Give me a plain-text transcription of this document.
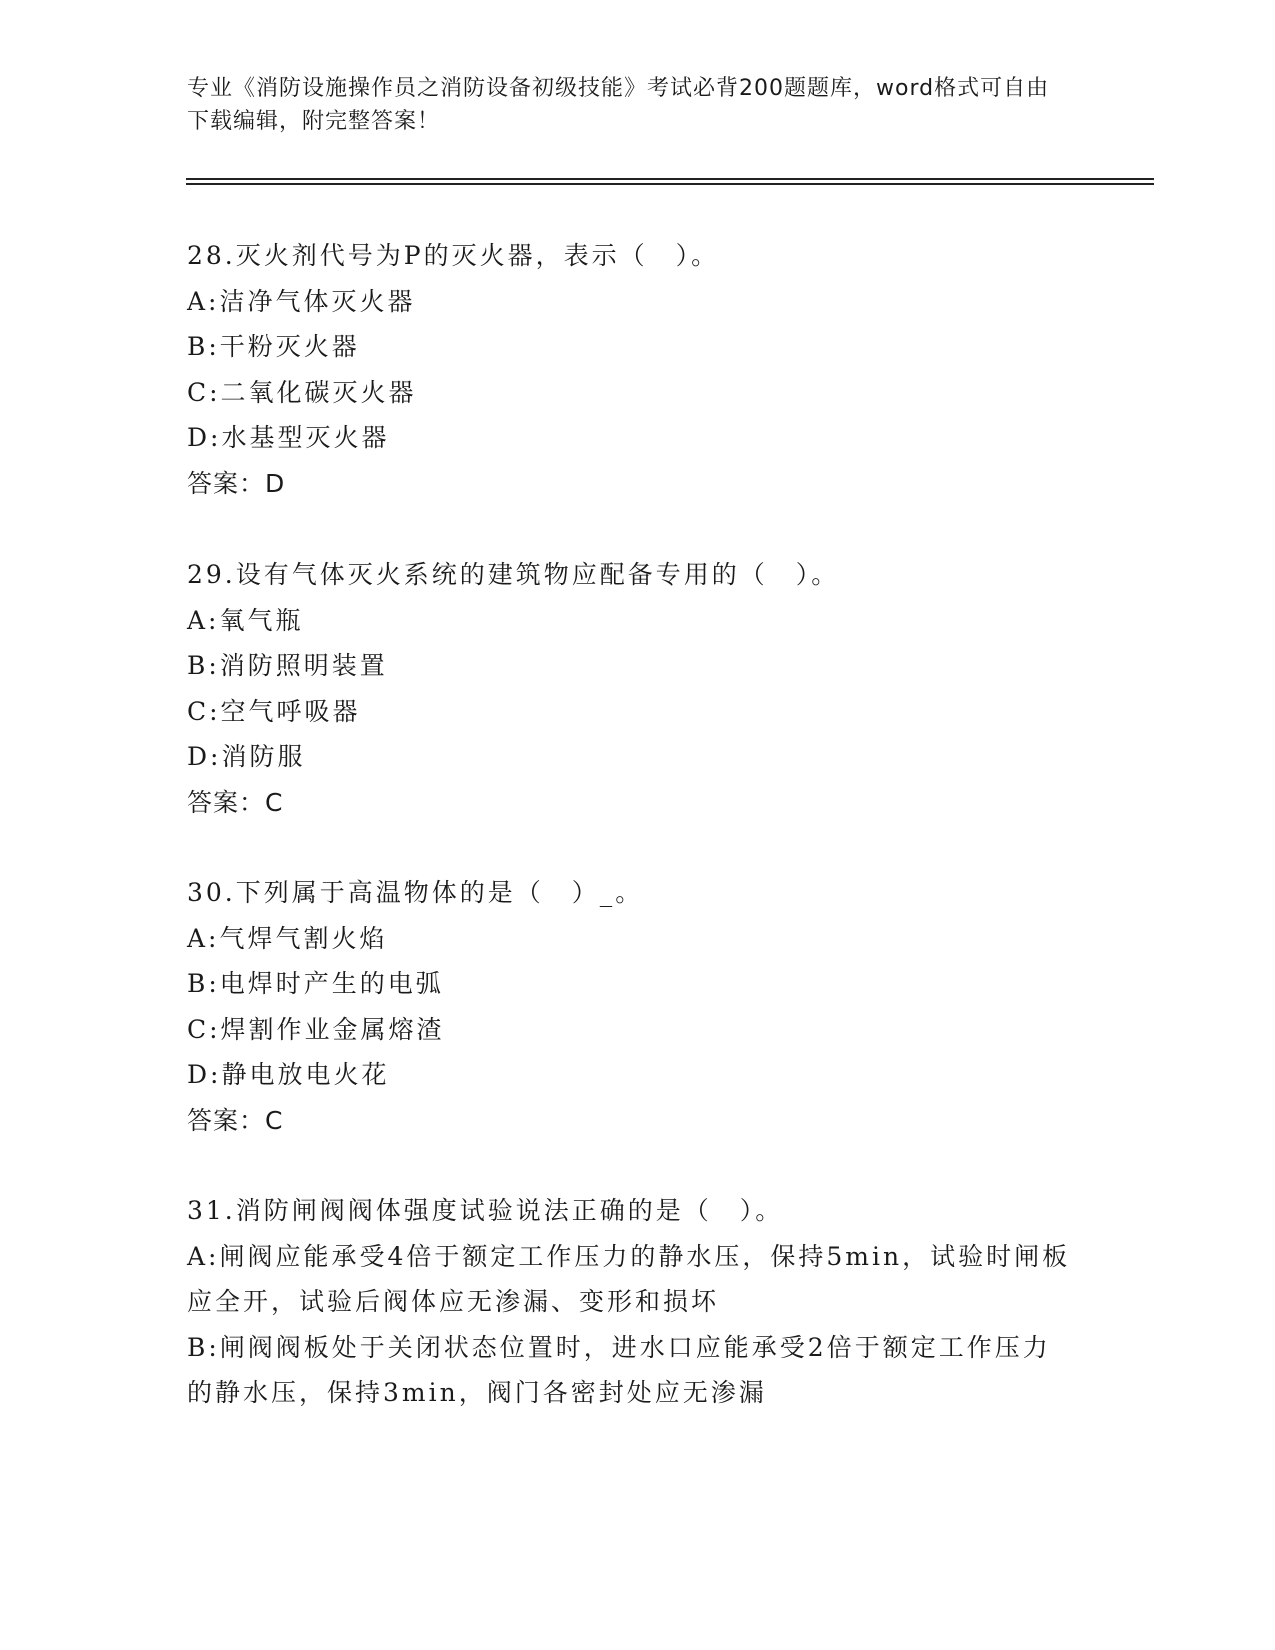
专业《消防设施操作员之消防设备初级技能》考试必背200题题库，word格式可自由下载编辑，附完整答案！
28.灭火剂代号为P的灭火器，表示（　）。
A:洁净气体灭火器
B:干粉灭火器
C:二氧化碳灭火器
D:水基型灭火器
答案：D
29.设有气体灭火系统的建筑物应配备专用的（　）。
A:氧气瓶
B:消防照明装置
C:空气呼吸器
D:消防服
答案：C
30.下列属于高温物体的是（　）_。
A:气焊气割火焰
B:电焊时产生的电弧
C:焊割作业金属熔渣
D:静电放电火花
答案：C
31.消防闸阀阀体强度试验说法正确的是（　）。
A:闸阀应能承受4倍于额定工作压力的静水压，保持5min，试验时闸板应全开，试验后阀体应无渗漏、变形和损坏
B:闸阀阀板处于关闭状态位置时，进水口应能承受2倍于额定工作压力的静水压，保持3min，阀门各密封处应无渗漏
